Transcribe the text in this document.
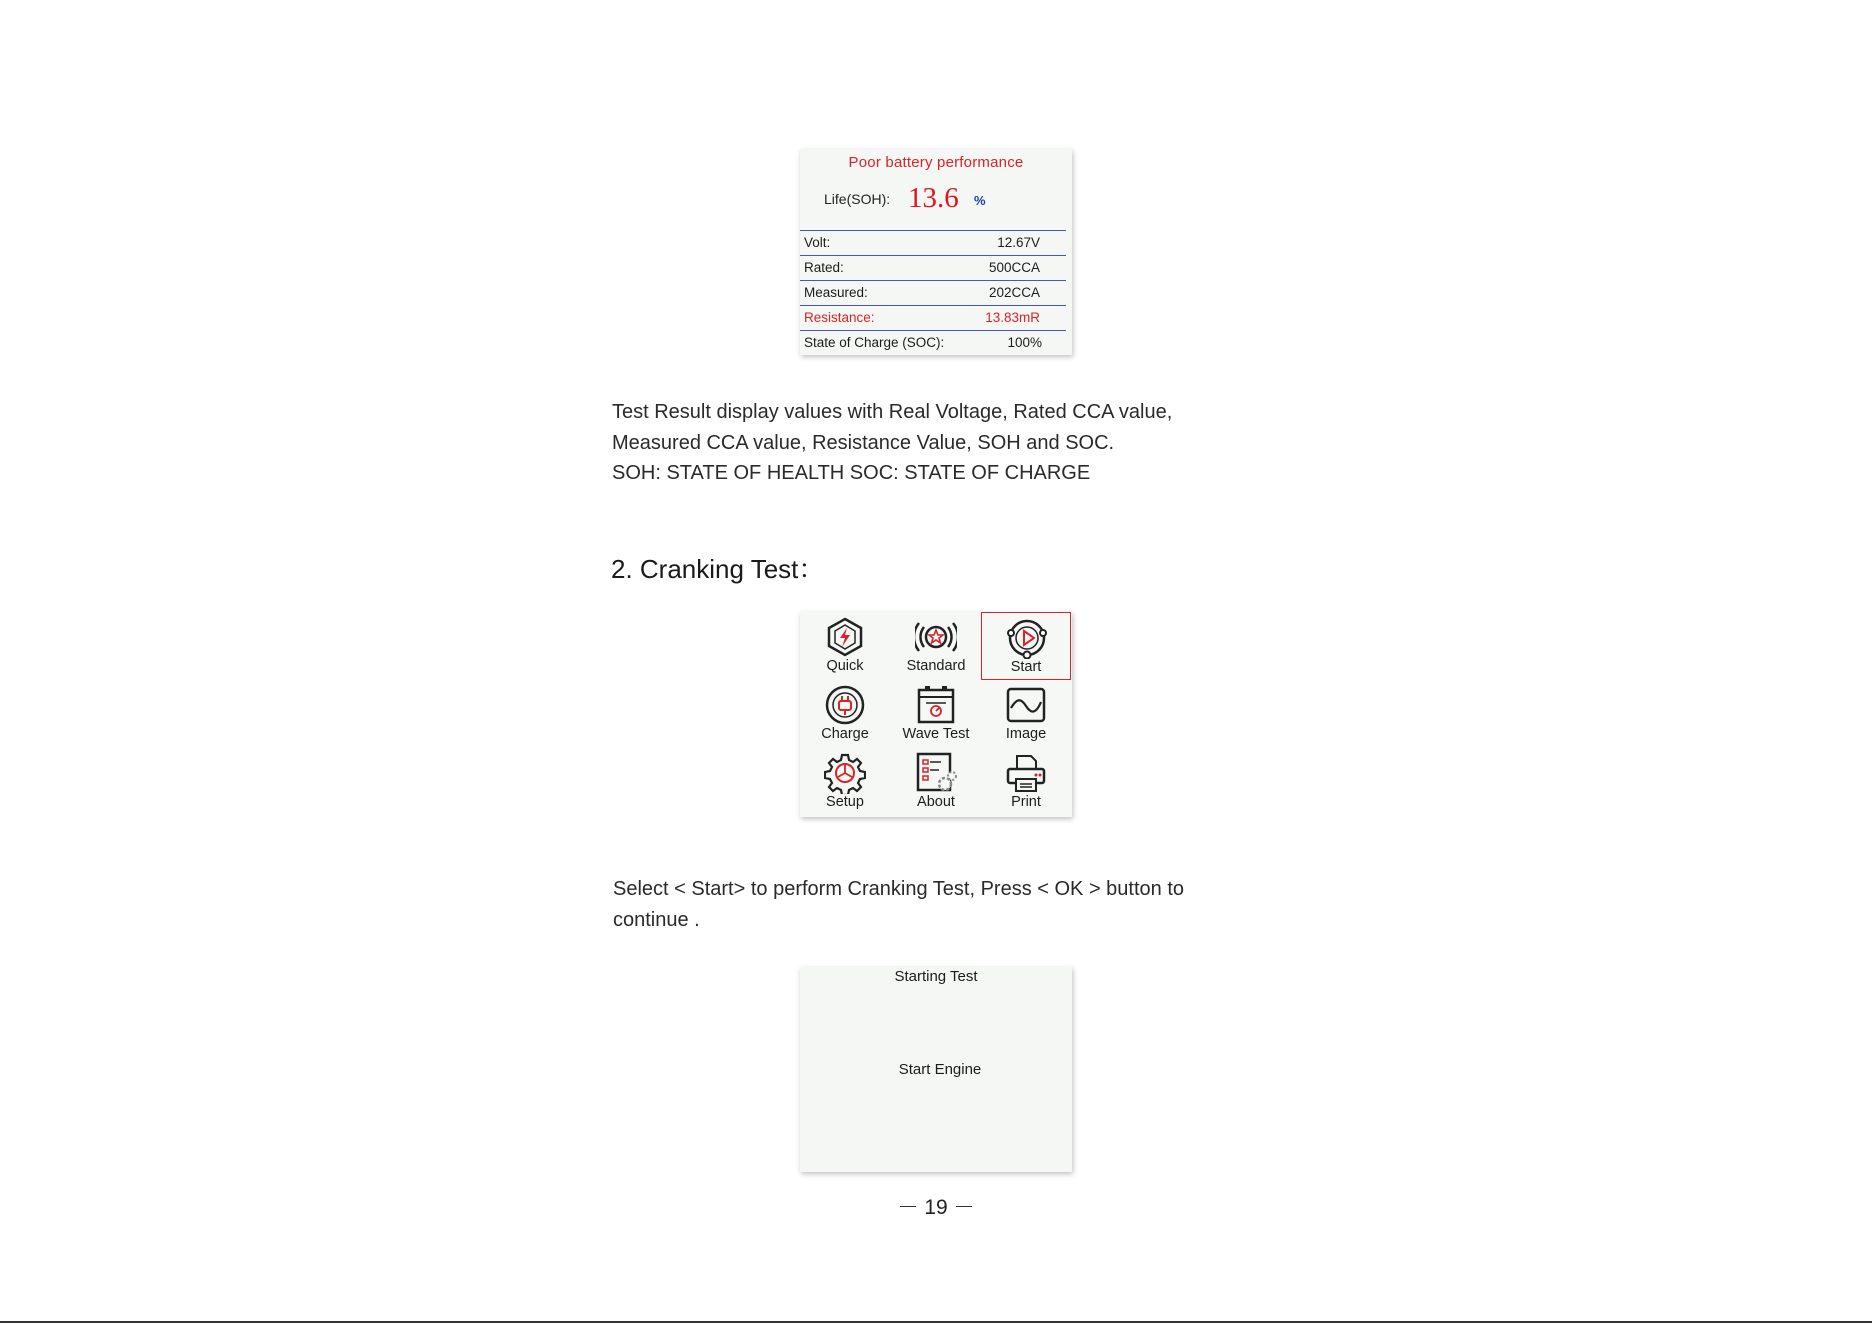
Poor battery performance
Life(SOH): 13.6 %
Volt:	12.67V
Rated:	500CCA
Measured:	202CCA
Resistance:	13.83mR
State of Charge (SOC):	100%
Test Result display values with Real Voltage, Rated CCA value,
Measured CCA value, Resistance Value, SOH and SOC.
SOH: STATE OF HEALTH SOC: STATE OF CHARGE
2. Cranking Test：
Quick	Standard	Start
Charge	Wave Test	Image
Setup	About	Print
Select < Start> to perform Cranking Test, Press < OK > button to
continue .
Starting Test
Start Engine
－ 19 －
